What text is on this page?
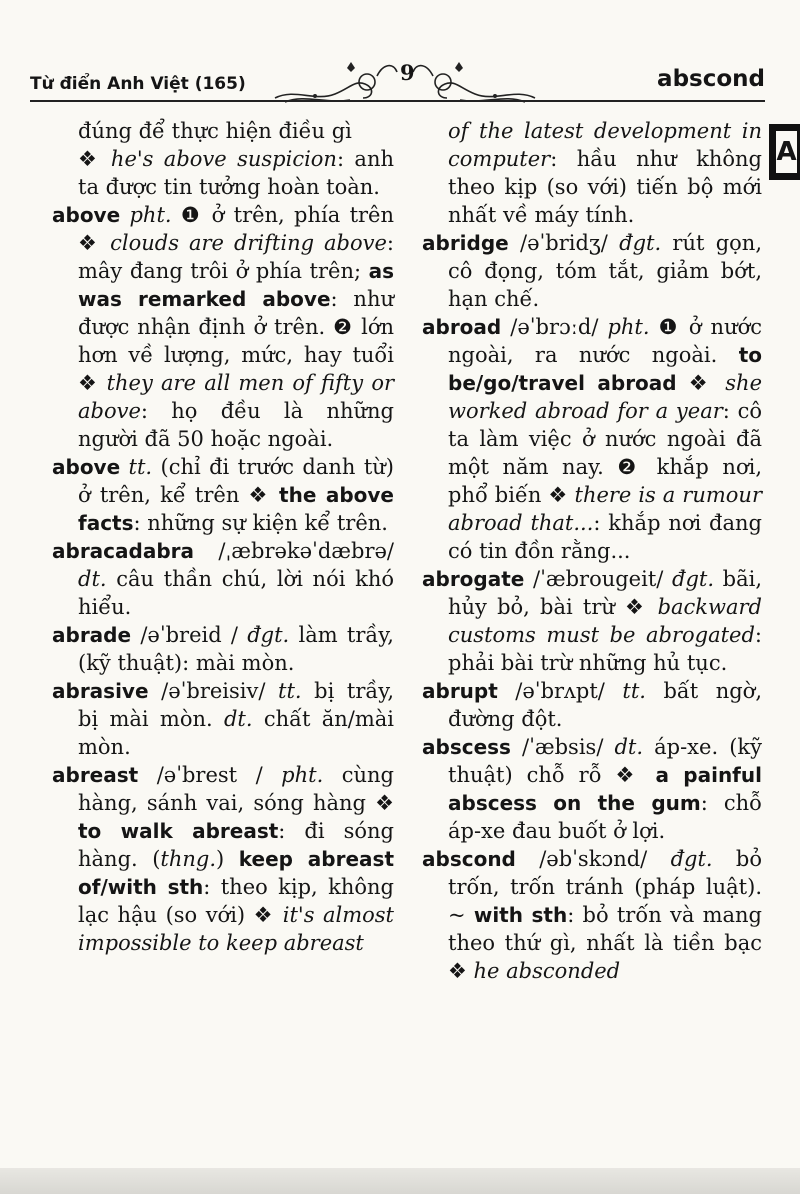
Từ điển Anh Việt (165)	9	abscond
A

đúng để thực hiện điều gì
❖ he's above suspicion: anh ta được tin tưởng hoàn toàn.

above pht. ❶ ở trên, phía trên ❖ clouds are drifting above: mây đang trôi ở phía trên; as was remarked above: như được nhận định ở trên. ❷ lớn hơn về lượng, mức, hay tuổi ❖ they are all men of fifty or above: họ đều là những người đã 50 hoặc ngoài.

above tt. (chỉ đi trước danh từ) ở trên, kể trên ❖ the above facts: những sự kiện kể trên.

abracadabra /ˌæbrəkəˈdæbrə/ dt. câu thần chú, lời nói khó hiểu.

abrade /əˈbreid / đgt. làm trầy, (kỹ thuật): mài mòn.

abrasive /əˈbreisiv/ tt. bị trầy, bị mài mòn. dt. chất ăn/mài mòn.

abreast /əˈbrest / pht. cùng hàng, sánh vai, sóng hàng ❖ to walk abreast: đi sóng hàng. (thng.) keep abreast of/with sth: theo kịp, không lạc hậu (so với) ❖ it's almost impossible to keep abreast

of the latest development in computer: hầu như không theo kịp (so với) tiến bộ mới nhất về máy tính.

abridge /əˈbridʒ/ đgt. rút gọn, cô đọng, tóm tắt, giảm bớt, hạn chế.

abroad /əˈbrɔːd/ pht. ❶ ở nước ngoài, ra nước ngoài. to be/go/travel abroad ❖ she worked abroad for a year: cô ta làm việc ở nước ngoài đã một năm nay. ❷ khắp nơi, phổ biến ❖ there is a rumour abroad that...: khắp nơi đang có tin đồn rằng...

abrogate /ˈæbrougeit/ đgt. bãi, hủy bỏ, bài trừ ❖ backward customs must be abrogated: phải bài trừ những hủ tục.

abrupt /əˈbrʌpt/ tt. bất ngờ, đường đột.

abscess /ˈæbsis/ dt. áp-xe. (kỹ thuật) chỗ rỗ ❖ a painful abscess on the gum: chỗ áp-xe đau buốt ở lợi.

abscond /əbˈskɔnd/ đgt. bỏ trốn, trốn tránh (pháp luật). ~ with sth: bỏ trốn và mang theo thứ gì, nhất là tiền bạc ❖ he absconded
